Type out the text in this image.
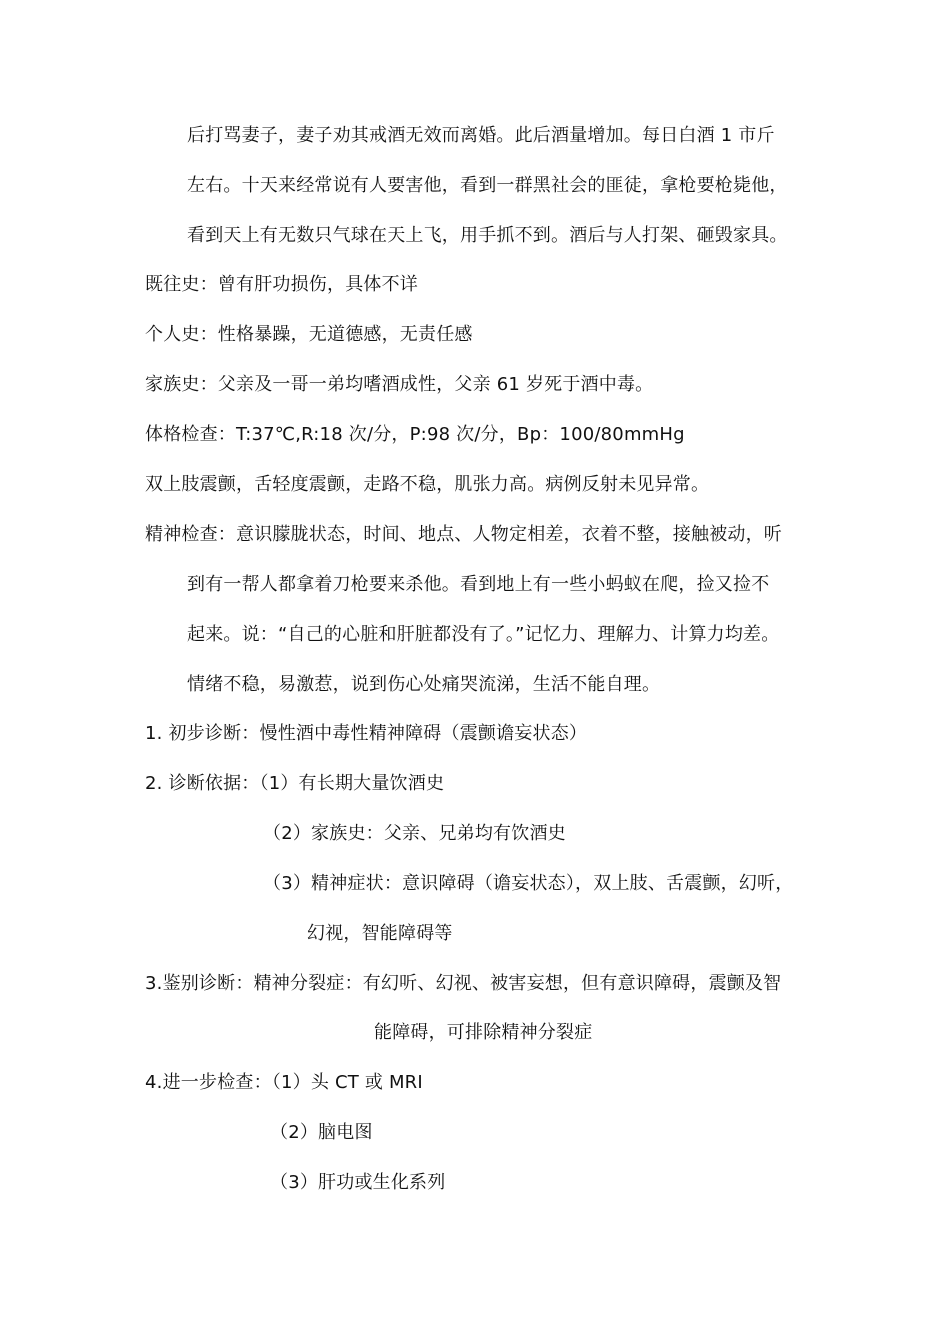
后打骂妻子，妻子劝其戒酒无效而离婚。此后酒量增加。每日白酒 1 市斤
左右。十天来经常说有人要害他，看到一群黑社会的匪徒，拿枪要枪毙他，
看到天上有无数只气球在天上飞，用手抓不到。酒后与人打架、砸毁家具。
既往史：曾有肝功损伤，具体不详
个人史：性格暴躁，无道德感，无责任感
家族史：父亲及一哥一弟均嗜酒成性，父亲 61 岁死于酒中毒。
体格检查：T:37℃,R:18 次/分，P:98 次/分，Bp：100/80mmHg
双上肢震颤，舌轻度震颤，走路不稳，肌张力高。病例反射未见异常。
精神检查：意识朦胧状态，时间、地点、人物定相差，衣着不整，接触被动，听
到有一帮人都拿着刀枪要来杀他。看到地上有一些小蚂蚁在爬，捡又捡不
起来。说：“自己的心脏和肝脏都没有了。”记忆力、理解力、计算力均差。
情绪不稳，易激惹，说到伤心处痛哭流涕，生活不能自理。
1. 初步诊断：慢性酒中毒性精神障碍（震颤谵妄状态）
2. 诊断依据：（1）有长期大量饮酒史
（2）家族史：父亲、兄弟均有饮酒史
（3）精神症状：意识障碍（谵妄状态），双上肢、舌震颤，幻听，
幻视，智能障碍等
3.鉴别诊断：精神分裂症：有幻听、幻视、被害妄想，但有意识障碍，震颤及智
能障碍，可排除精神分裂症
4.进一步检查：（1）头 CT 或 MRI
（2）脑电图
（3）肝功或生化系列
